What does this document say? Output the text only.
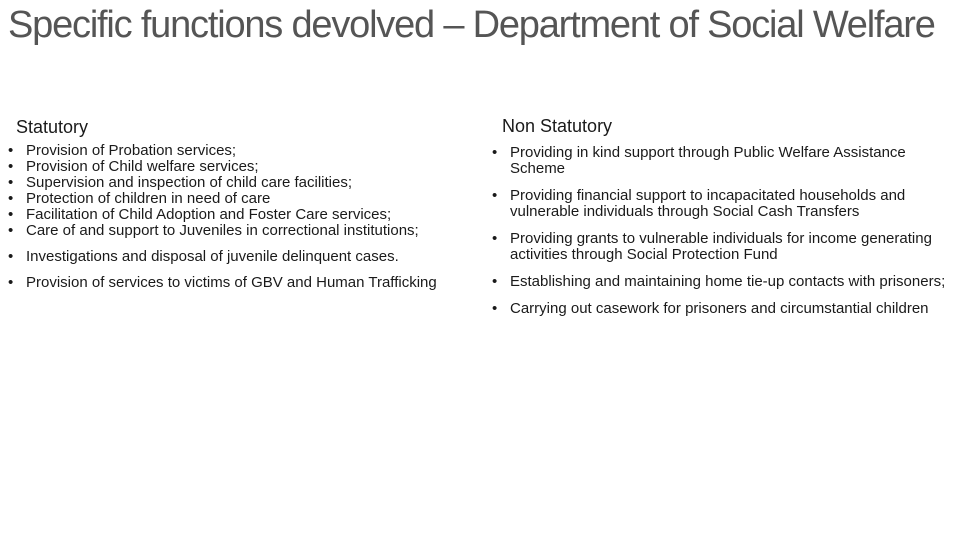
Specific functions devolved – Department of Social Welfare
Statutory
• Provision of Probation services;
• Provision of Child welfare services;
• Supervision and inspection of child care facilities;
• Protection of children in need of care
• Facilitation of Child Adoption and Foster Care services;
• Care of and support to Juveniles in correctional institutions;
• Investigations and disposal of juvenile delinquent cases.
• Provision of services to victims of GBV and Human Trafficking
Non Statutory
• Providing in kind support through Public Welfare Assistance Scheme
• Providing financial support to incapacitated households and vulnerable individuals through Social Cash Transfers
• Providing grants to vulnerable individuals for income generating activities through Social Protection Fund
• Establishing and maintaining home tie-up contacts with prisoners;
• Carrying out casework for prisoners and circumstantial children
